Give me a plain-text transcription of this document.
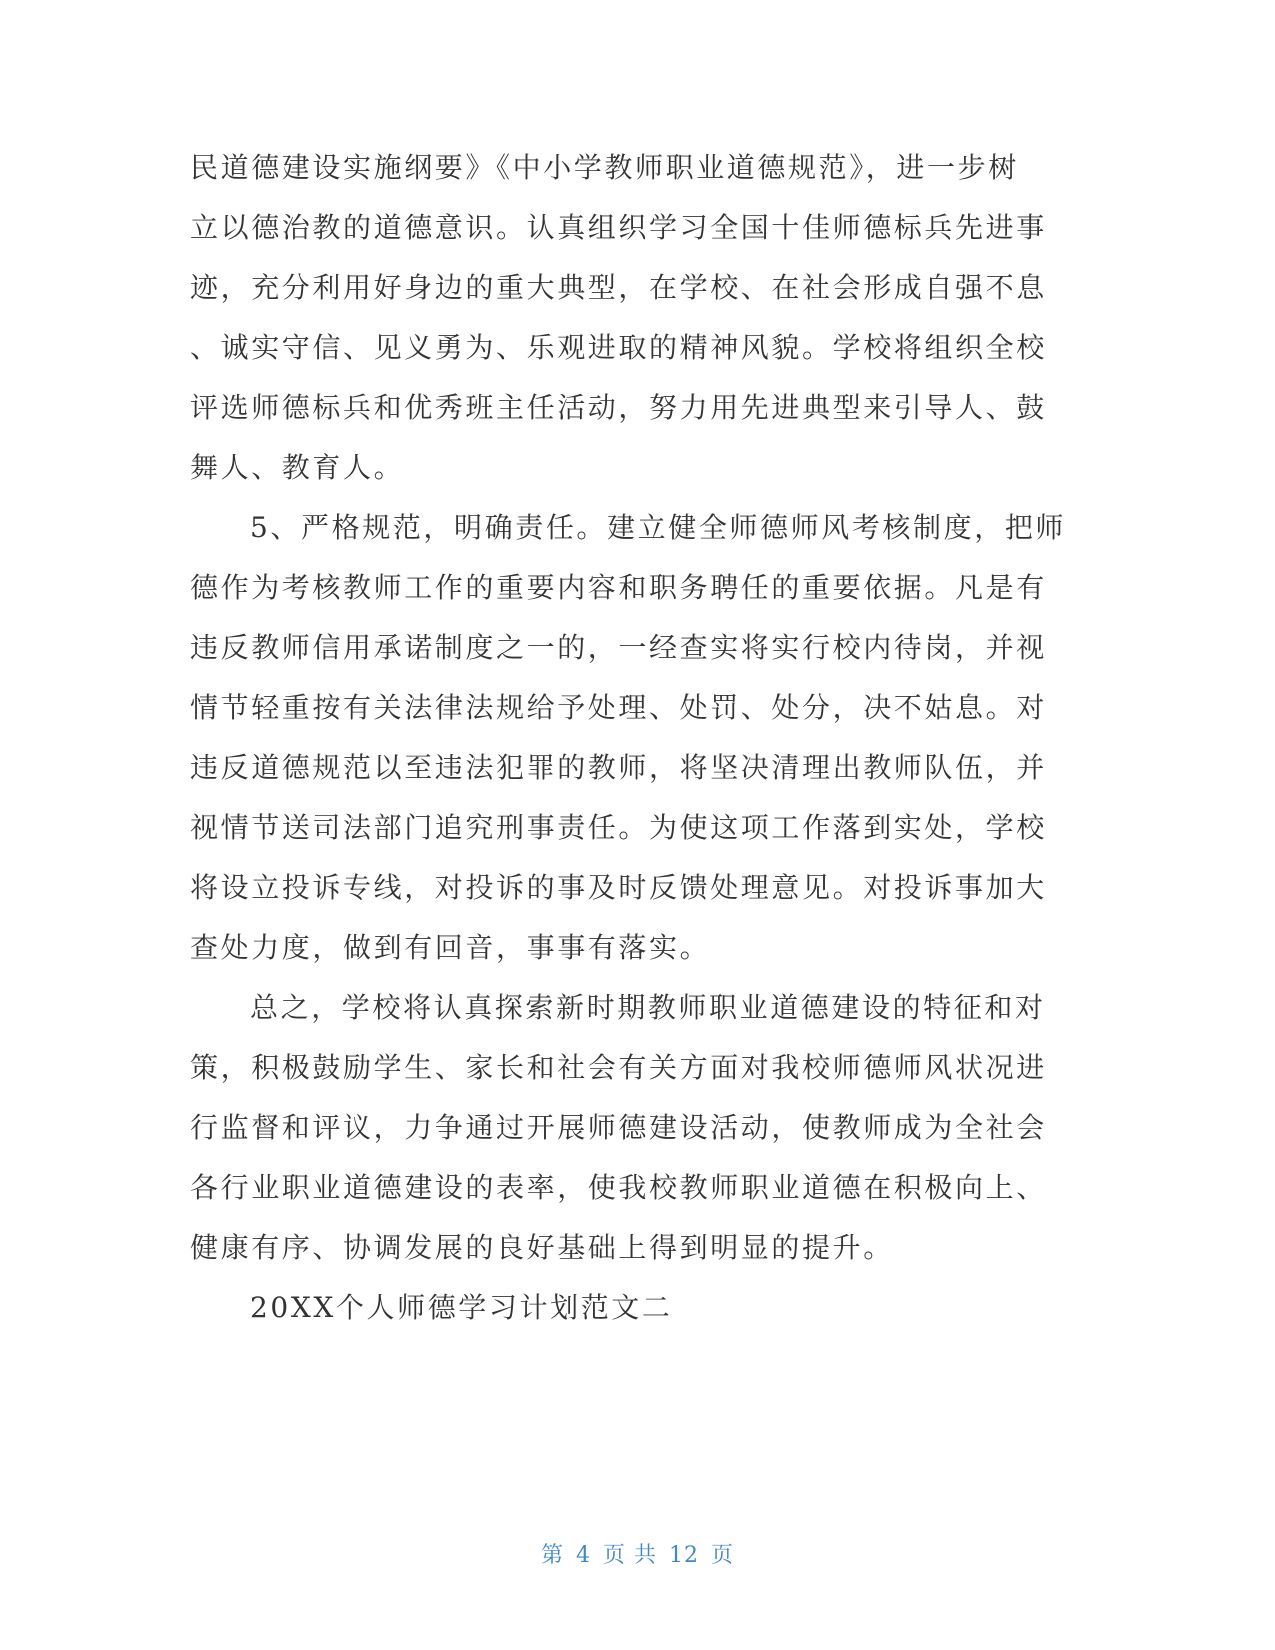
民道德建设实施纲要》《中小学教师职业道德规范》，进一步树
立以德治教的道德意识。认真组织学习全国十佳师德标兵先进事
迹，充分利用好身边的重大典型，在学校、在社会形成自强不息
、诚实守信、见义勇为、乐观进取的精神风貌。学校将组织全校
评选师德标兵和优秀班主任活动，努力用先进典型来引导人、鼓
舞人、教育人。
5、严格规范，明确责任。建立健全师德师风考核制度，把师
德作为考核教师工作的重要内容和职务聘任的重要依据。凡是有
违反教师信用承诺制度之一的，一经查实将实行校内待岗，并视
情节轻重按有关法律法规给予处理、处罚、处分，决不姑息。对
违反道德规范以至违法犯罪的教师，将坚决清理出教师队伍，并
视情节送司法部门追究刑事责任。为使这项工作落到实处，学校
将设立投诉专线，对投诉的事及时反馈处理意见。对投诉事加大
查处力度，做到有回音，事事有落实。
总之，学校将认真探索新时期教师职业道德建设的特征和对
策，积极鼓励学生、家长和社会有关方面对我校师德师风状况进
行监督和评议，力争通过开展师德建设活动，使教师成为全社会
各行业职业道德建设的表率，使我校教师职业道德在积极向上、
健康有序、协调发展的良好基础上得到明显的提升。
20XX个人师德学习计划范文二
第 4 页 共 12 页
